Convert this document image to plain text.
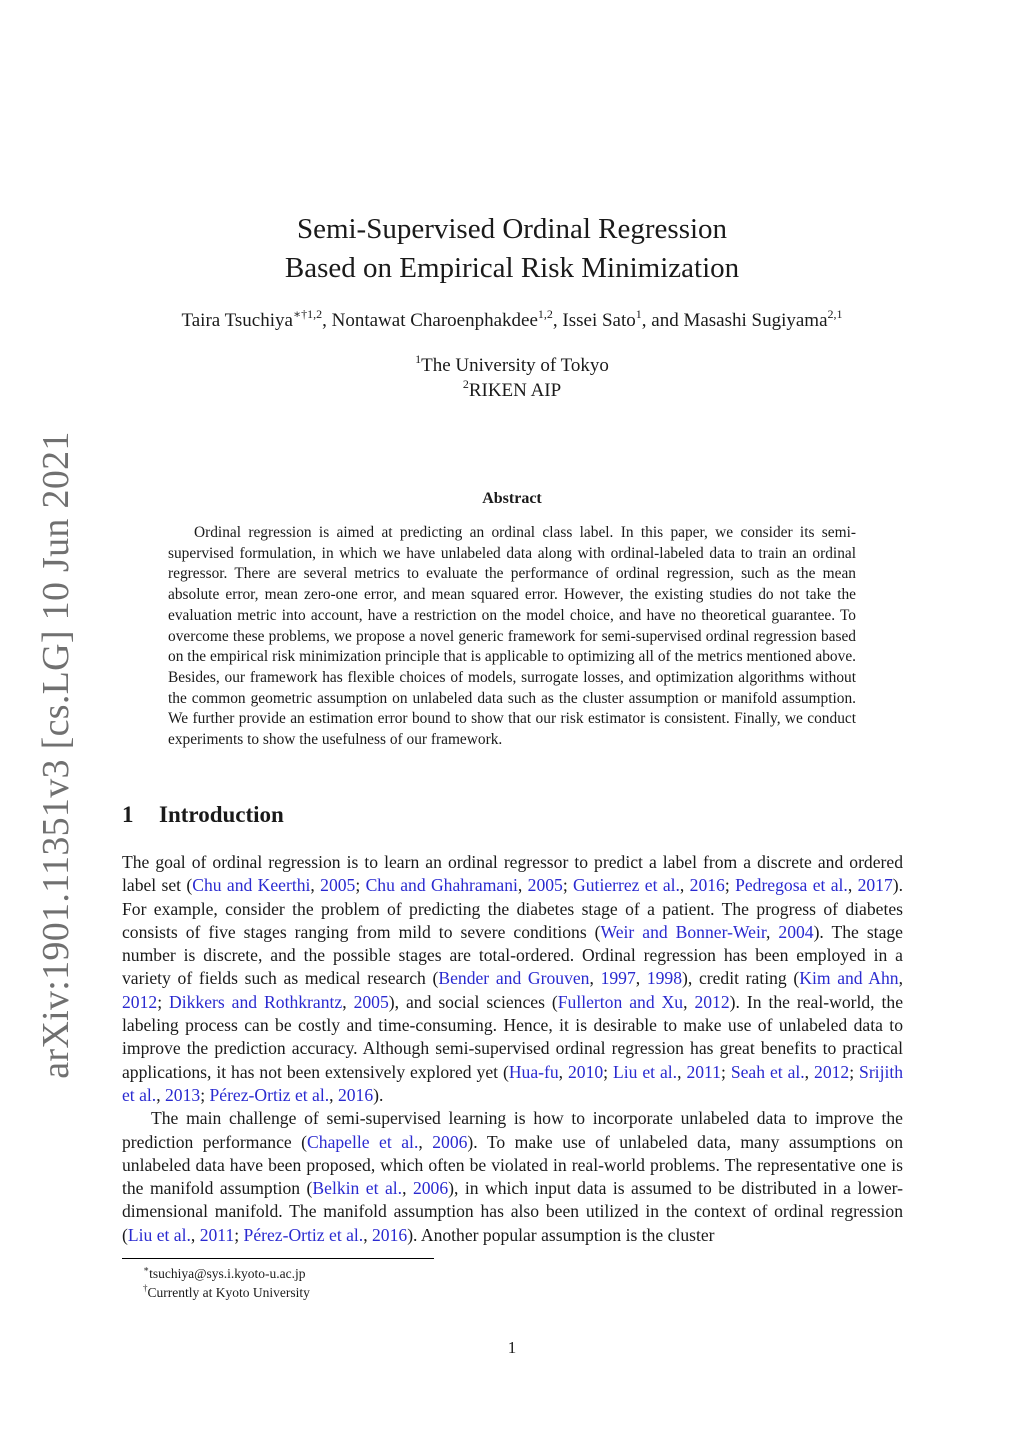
arXiv:1901.11351v3 [cs.LG] 10 Jun 2021
Semi-Supervised Ordinal Regression
Based on Empirical Risk Minimization
Taira Tsuchiya$^{∗\dagger 1,2}$, Nontawat Charoenphakdee$^{1,2}$, Issei Sato$^1$, and Masashi Sugiyama$^{2,1}$
$^1$The University of Tokyo
$^2$RIKEN AIP
Abstract
Ordinal regression is aimed at predicting an ordinal class label. In this paper, we consider its semi-supervised formulation, in which we have unlabeled data along with ordinal-labeled data to train an ordinal regressor. There are several metrics to evaluate the performance of ordinal regression, such as the mean absolute error, mean zero-one error, and mean squared error. However, the existing studies do not take the evaluation metric into account, have a restriction on the model choice, and have no theoretical guarantee. To overcome these problems, we propose a novel generic framework for semi-supervised ordinal regression based on the empirical risk minimization principle that is applicable to optimizing all of the metrics mentioned above. Besides, our framework has flexible choices of models, surrogate losses, and optimization algorithms without the common geometric assumption on unlabeled data such as the cluster assumption or manifold assumption. We further provide an estimation error bound to show that our risk estimator is consistent. Finally, we conduct experiments to show the usefulness of our framework.
1 Introduction

The goal of ordinal regression is to learn an ordinal regressor to predict a label from a discrete and ordered label set (Chu and Keerthi, 2005; Chu and Ghahramani, 2005; Gutierrez et al., 2016; Pedregosa et al., 2017). For example, consider the problem of predicting the diabetes stage of a patient. The progress of diabetes consists of five stages ranging from mild to severe conditions (Weir and Bonner-Weir, 2004). The stage number is discrete, and the possible stages are total-ordered. Ordinal regression has been employed in a variety of fields such as medical research (Bender and Grouven, 1997, 1998), credit rating (Kim and Ahn, 2012; Dikkers and Rothkrantz, 2005), and social sciences (Fullerton and Xu, 2012). In the real-world, the labeling process can be costly and time-consuming. Hence, it is desirable to make use of unlabeled data to improve the prediction accuracy. Although semi-supervised ordinal regression has great benefits to practical applications, it has not been extensively explored yet (Hua-fu, 2010; Liu et al., 2011; Seah et al., 2012; Srijith et al., 2013; Pérez-Ortiz et al., 2016).

The main challenge of semi-supervised learning is how to incorporate unlabeled data to improve the prediction performance (Chapelle et al., 2006). To make use of unlabeled data, many assumptions on unlabeled data have been proposed, which often be violated in real-world problems. The representative one is the manifold assumption (Belkin et al., 2006), in which input data is assumed to be distributed in a lower-dimensional manifold. The manifold assumption has also been utilized in the context of ordinal regression (Liu et al., 2011; Pérez-Ortiz et al., 2016). Another popular assumption is the cluster

∗tsuchiya@sys.i.kyoto-u.ac.jp
†Currently at Kyoto University
1
